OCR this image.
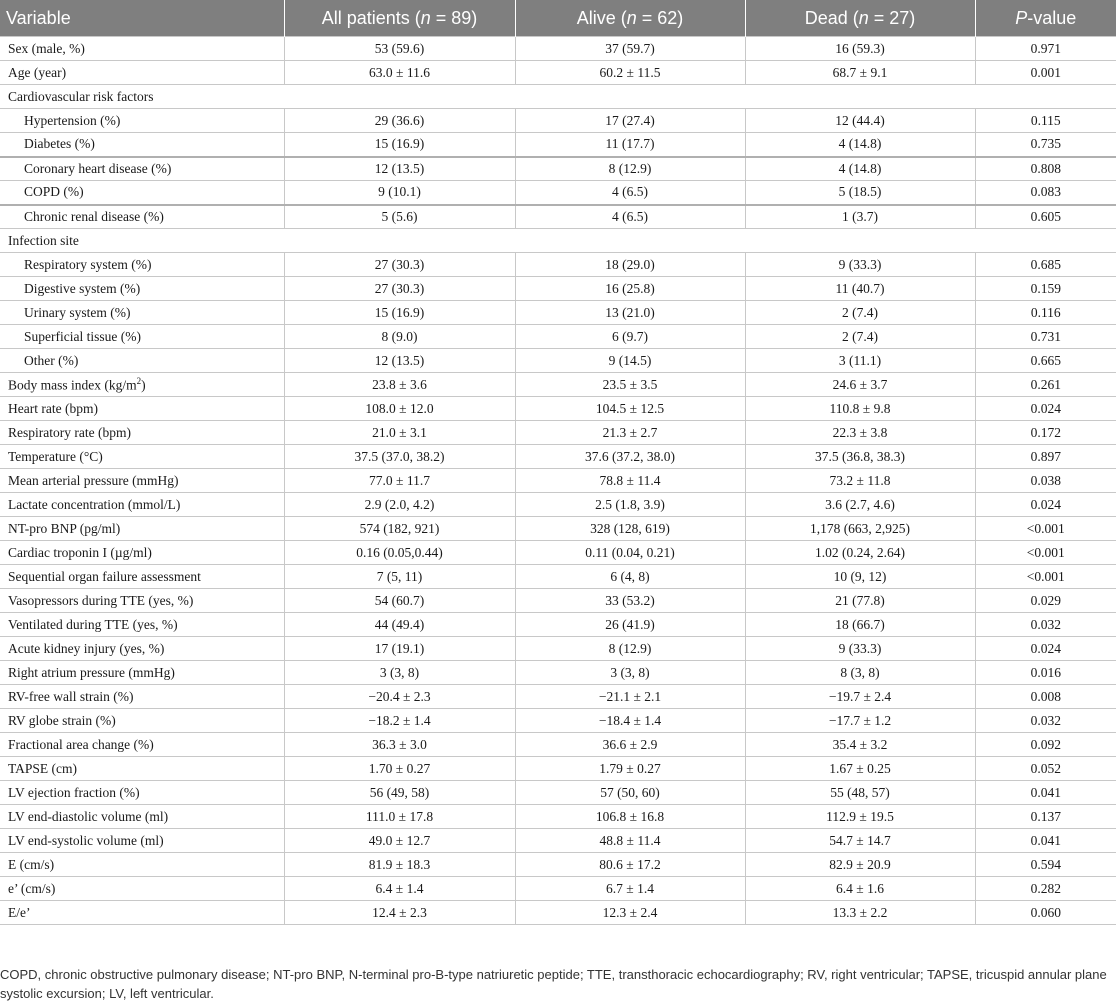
Variable	All patients (n = 89)	Alive (n = 62)	Dead (n = 27)	P-value
Sex (male, %)	53 (59.6)	37 (59.7)	16 (59.3)	0.971
Age (year)	63.0 ± 11.6	60.2 ± 11.5	68.7 ± 9.1	0.001
Cardiovascular risk factors				
Hypertension (%)	29 (36.6)	17 (27.4)	12 (44.4)	0.115
Diabetes (%)	15 (16.9)	11 (17.7)	4 (14.8)	0.735
Coronary heart disease (%)	12 (13.5)	8 (12.9)	4 (14.8)	0.808
COPD (%)	9 (10.1)	4 (6.5)	5 (18.5)	0.083
Chronic renal disease (%)	5 (5.6)	4 (6.5)	1 (3.7)	0.605
Infection site				
Respiratory system (%)	27 (30.3)	18 (29.0)	9 (33.3)	0.685
Digestive system (%)	27 (30.3)	16 (25.8)	11 (40.7)	0.159
Urinary system (%)	15 (16.9)	13 (21.0)	2 (7.4)	0.116
Superficial tissue (%)	8 (9.0)	6 (9.7)	2 (7.4)	0.731
Other (%)	12 (13.5)	9 (14.5)	3 (11.1)	0.665
Body mass index $(kg/m^2)$	23.8 ± 3.6	23.5 ± 3.5	24.6 ± 3.7	0.261
Heart rate (bpm)	108.0 ± 12.0	104.5 ± 12.5	110.8 ± 9.8	0.024
Respiratory rate (bpm)	21.0 ± 3.1	21.3 ± 2.7	22.3 ± 3.8	0.172
Temperature (°C)	37.5 (37.0, 38.2)	37.6 (37.2, 38.0)	37.5 (36.8, 38.3)	0.897
Mean arterial pressure (mmHg)	77.0 ± 11.7	78.8 ± 11.4	73.2 ± 11.8	0.038
Lactate concentration (mmol/L)	2.9 (2.0, 4.2)	2.5 (1.8, 3.9)	3.6 (2.7, 4.6)	0.024
NT-pro BNP (pg/ml)	574 (182, 921)	328 (128, 619)	1,178 (663, 2,925)	<0.001
Cardiac troponin I (µg/ml)	0.16 (0.05,0.44)	0.11 (0.04, 0.21)	1.02 (0.24, 2.64)	<0.001
Sequential organ failure assessment	7 (5, 11)	6 (4, 8)	10 (9, 12)	<0.001
Vasopressors during TTE (yes, %)	54 (60.7)	33 (53.2)	21 (77.8)	0.029
Ventilated during TTE (yes, %)	44 (49.4)	26 (41.9)	18 (66.7)	0.032
Acute kidney injury (yes, %)	17 (19.1)	8 (12.9)	9 (33.3)	0.024
Right atrium pressure (mmHg)	3 (3, 8)	3 (3, 8)	8 (3, 8)	0.016
RV-free wall strain (%)	−20.4 ± 2.3	−21.1 ± 2.1	−19.7 ± 2.4	0.008
RV globe strain (%)	−18.2 ± 1.4	−18.4 ± 1.4	−17.7 ± 1.2	0.032
Fractional area change (%)	36.3 ± 3.0	36.6 ± 2.9	35.4 ± 3.2	0.092
TAPSE (cm)	1.70 ± 0.27	1.79 ± 0.27	1.67 ± 0.25	0.052
LV ejection fraction (%)	56 (49, 58)	57 (50, 60)	55 (48, 57)	0.041
LV end-diastolic volume (ml)	111.0 ± 17.8	106.8 ± 16.8	112.9 ± 19.5	0.137
LV end-systolic volume (ml)	49.0 ± 12.7	48.8 ± 11.4	54.7 ± 14.7	0.041
E (cm/s)	81.9 ± 18.3	80.6 ± 17.2	82.9 ± 20.9	0.594
e’ (cm/s)	6.4 ± 1.4	6.7 ± 1.4	6.4 ± 1.6	0.282
E/e’	12.4 ± 2.3	12.3 ± 2.4	13.3 ± 2.2	0.060
COPD, chronic obstructive pulmonary disease; NT-pro BNP, N-terminal pro-B-type natriuretic peptide; TTE, transthoracic echocardiography; RV, right ventricular; TAPSE, tricuspid annular plane systolic excursion; LV, left ventricular.
